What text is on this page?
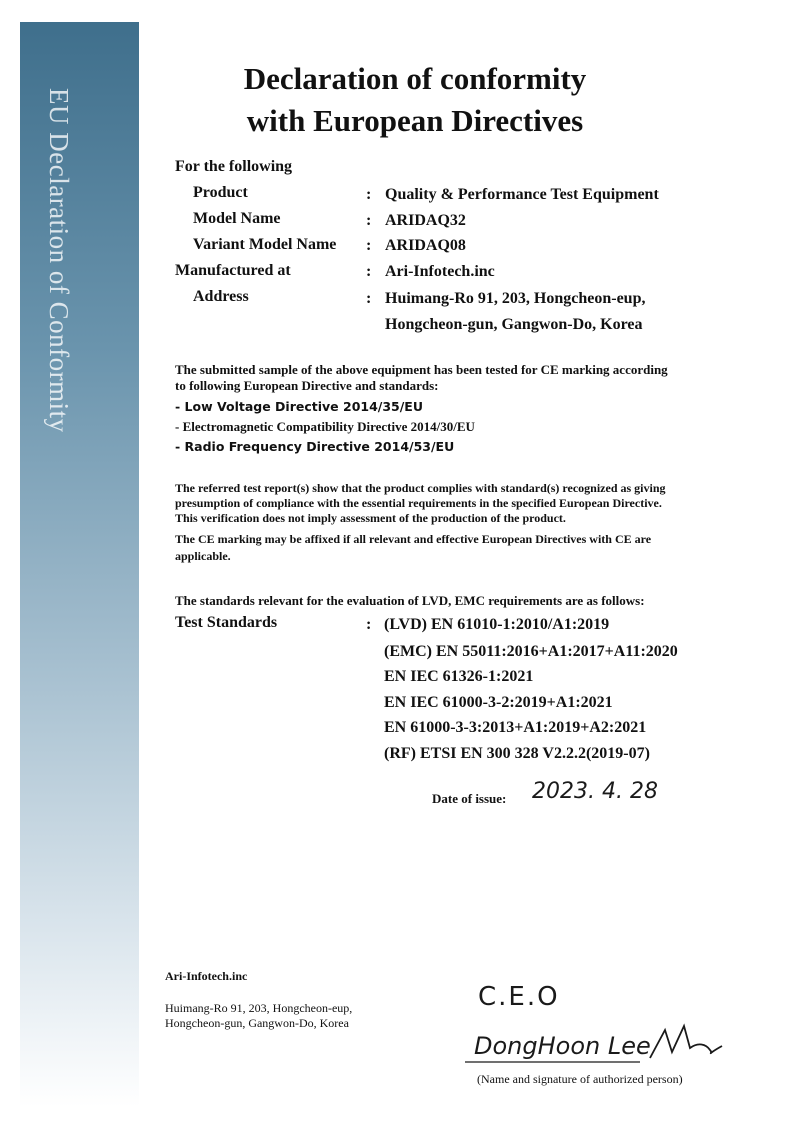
EU Declaration of Conformity
Declaration of conformity
with European Directives
For the following
Product	: Quality & Performance Test Equipment
Model Name	: ARIDAQ32
Variant Model Name : ARIDAQ08
Manufactured at	: Ari-Infotech.inc
Address	: Huimang-Ro 91, 203, Hongcheon-eup,
Hongcheon-gun, Gangwon-Do, Korea
The submitted sample of the above equipment has been tested for CE marking according
to following European Directive and standards:
- Low Voltage Directive 2014/35/EU
- Electromagnetic Compatibility Directive 2014/30/EU
- Radio Frequency Directive 2014/53/EU
The referred test report(s) show that the product complies with standard(s) recognized as giving
presumption of compliance with the essential requirements in the specified European Directive.
This verification does not imply assessment of the production of the product.
The CE marking may be affixed if all relevant and effective European Directives with CE are
applicable.
The standards relevant for the evaluation of LVD, EMC requirements are as follows:
Test Standards	: (LVD) EN 61010-1:2010/A1:2019
(EMC) EN 55011:2016+A1:2017+A11:2020
EN IEC 61326-1:2021
EN IEC 61000-3-2:2019+A1:2021
EN 61000-3-3:2013+A1:2019+A2:2021
(RF) ETSI EN 300 328 V2.2.2(2019-07)
Date of issue: 2023. 4. 28
Ari-Infotech.inc
Huimang-Ro 91, 203, Hongcheon-eup,
Hongcheon-gun, Gangwon-Do, Korea
C.E.O
DongHoon Lee
(Name and signature of authorized person)
